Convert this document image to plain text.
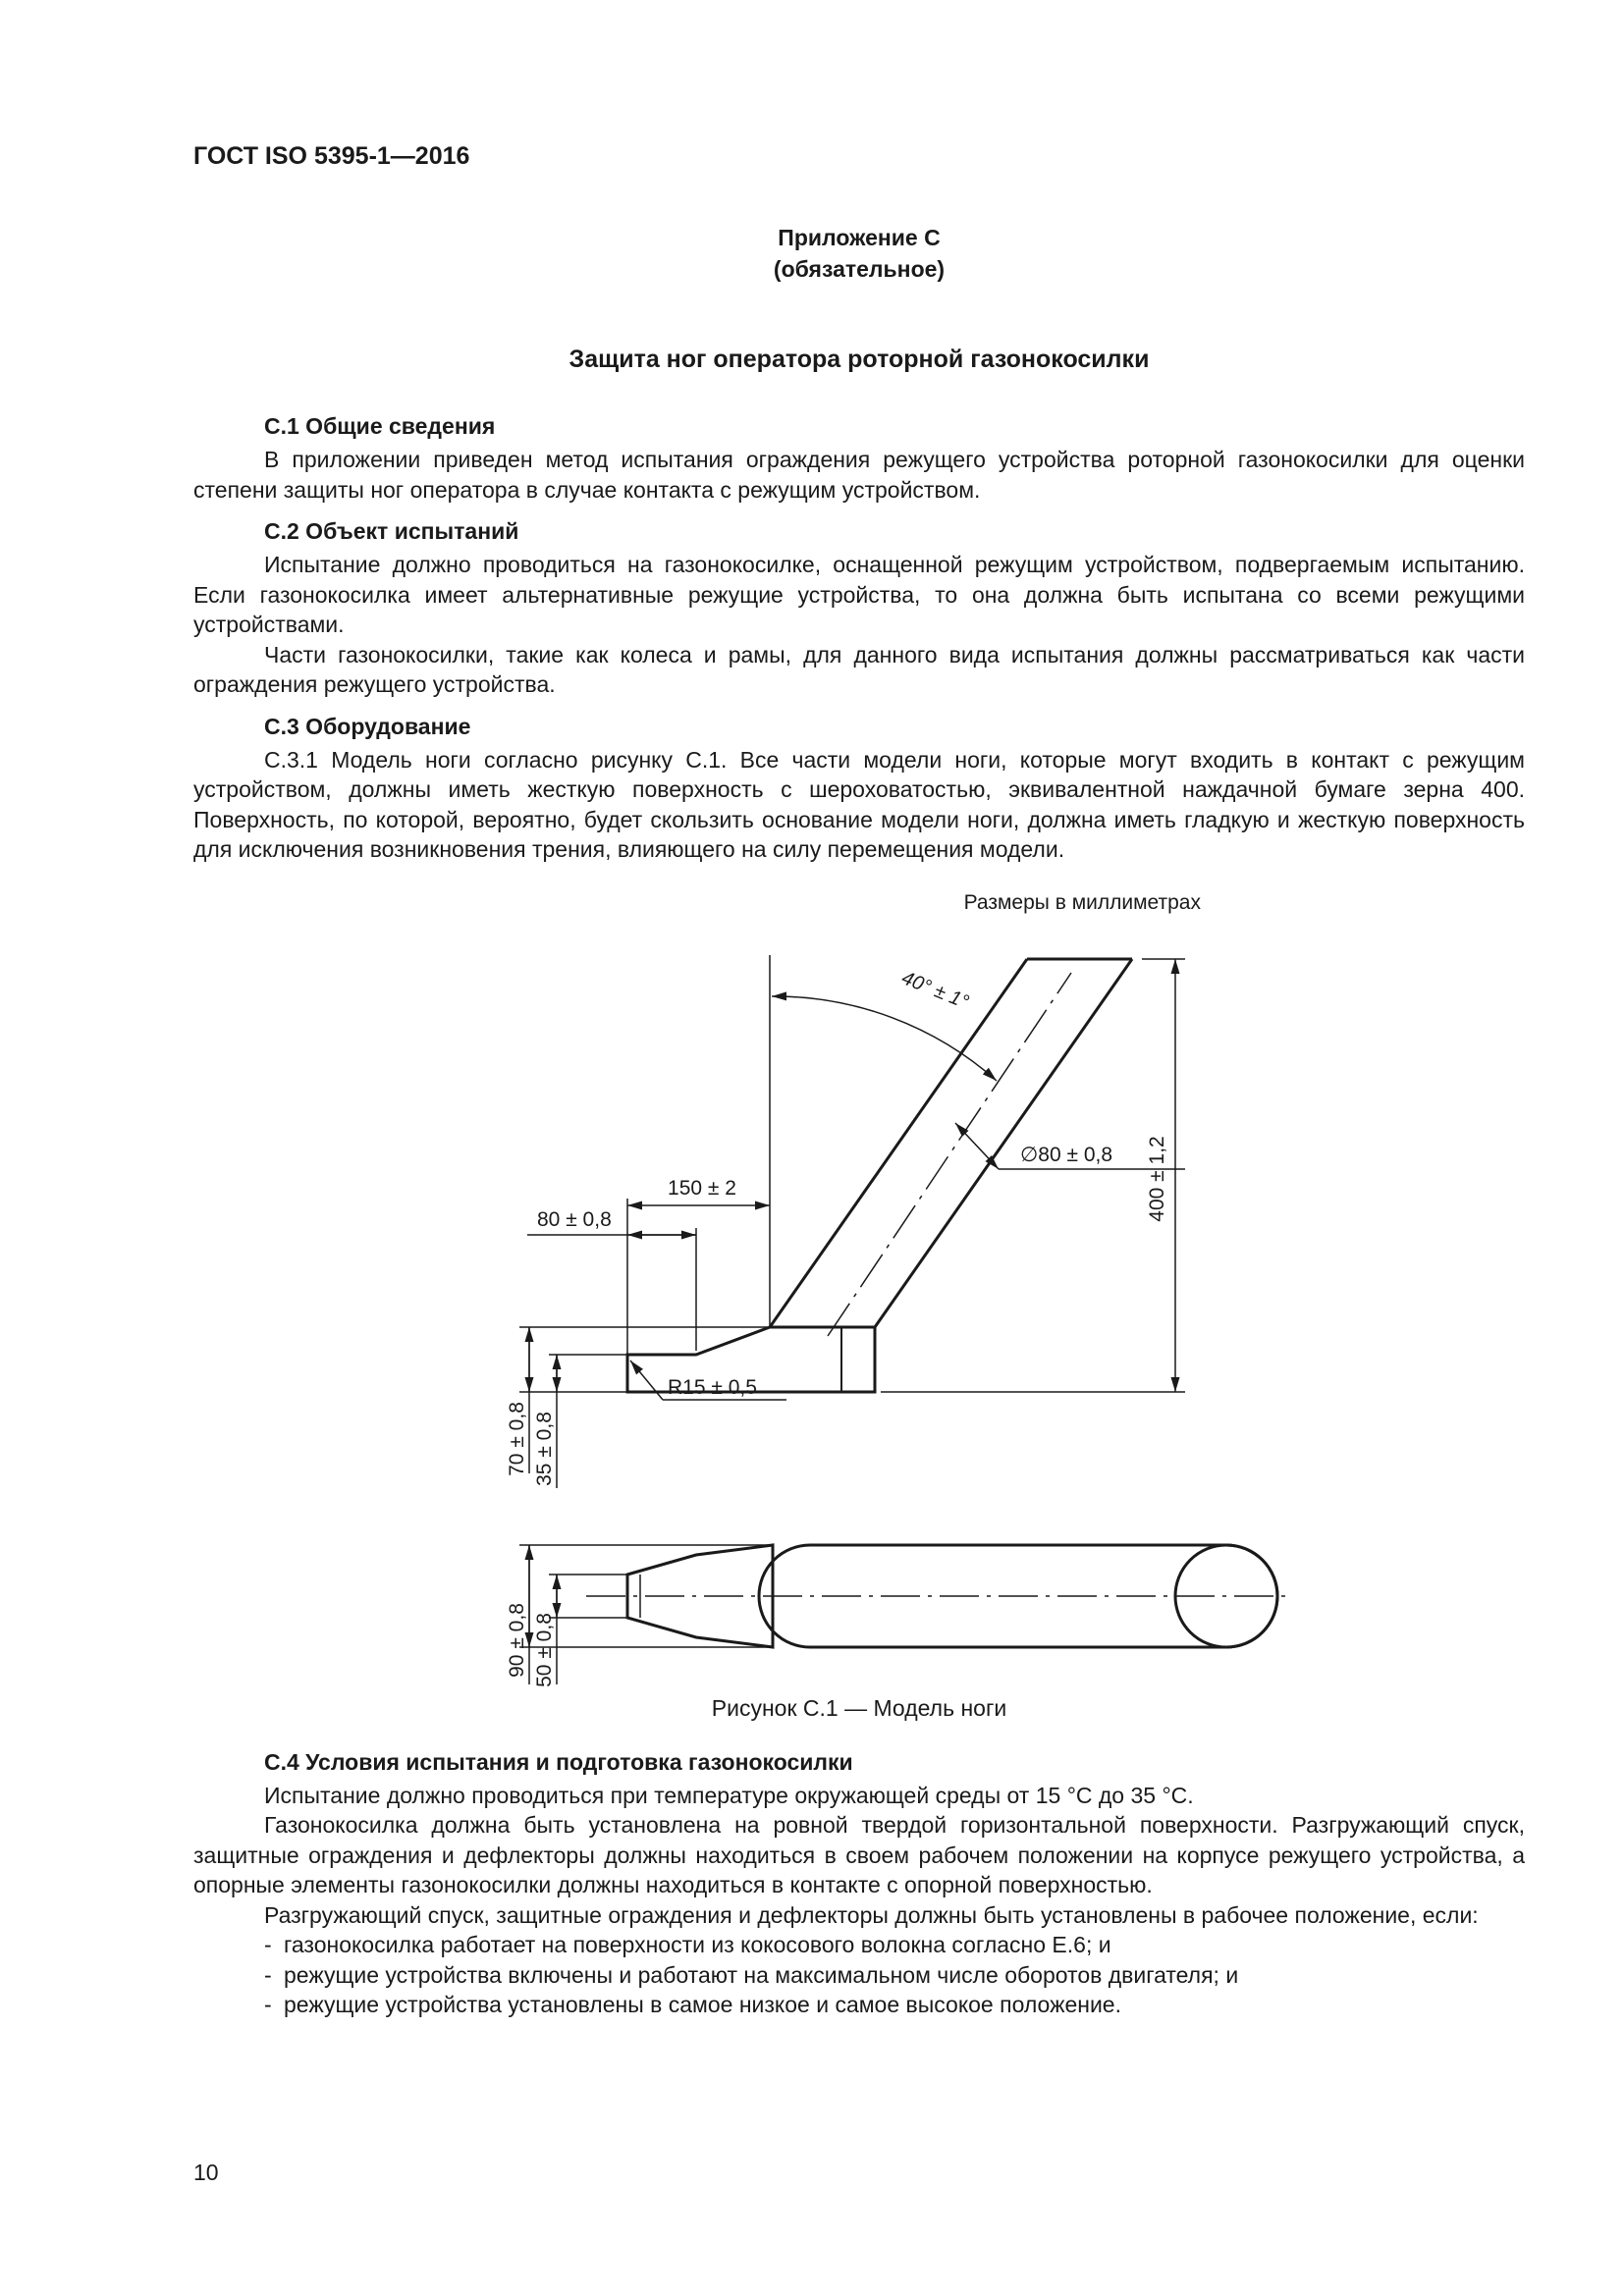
ГОСТ ISO 5395-1—2016
Приложение С
(обязательное)
Защита ног оператора роторной газонокосилки
С.1 Общие сведения

В приложении приведен метод испытания ограждения режущего устройства роторной газонокосилки для оценки степени защиты ног оператора в случае контакта с режущим устройством.

С.2 Объект испытаний

Испытание должно проводиться на газонокосилке, оснащенной режущим устройством, подвергаемым испытанию. Если газонокосилка имеет альтернативные режущие устройства, то она должна быть испытана со всеми режущими устройствами.

Части газонокосилки, такие как колеса и рамы, для данного вида испытания должны рассматриваться как части ограждения режущего устройства.

С.3 Оборудование

С.3.1 Модель ноги согласно рисунку С.1. Все части модели ноги, которые могут входить в контакт с режущим устройством, должны иметь жесткую поверхность с шероховатостью, эквивалентной наждачной бумаге зерна 400. Поверхность, по которой, вероятно, будет скользить основание модели ноги, должна иметь гладкую и жесткую поверхность для исключения возникновения трения, влияющего на силу перемещения модели.

Размеры в миллиметрах
40° ± 1°
∅80 ± 0,8 400 ± 1,2
150 ± 2
80 ± 0,8
R15 ± 0,5
70 ± 0,8 35 ± 0,8
90 ± 0,8 50 ± 0,8
Рисунок С.1 — Модель ноги
С.4 Условия испытания и подготовка газонокосилки

Испытание должно проводиться при температуре окружающей среды от 15 °С до 35 °С.

Газонокосилка должна быть установлена на ровной твердой горизонтальной поверхности. Разгружающий спуск, защитные ограждения и дефлекторы должны находиться в своем рабочем положении на корпусе режущего устройства, а опорные элементы газонокосилки должны находиться в контакте с опорной поверхностью.

Разгружающий спуск, защитные ограждения и дефлекторы должны быть установлены в рабочее положение, если:

- газонокосилка работает на поверхности из кокосового волокна согласно Е.6; и
- режущие устройства включены и работают на максимальном числе оборотов двигателя; и
- режущие устройства установлены в самое низкое и самое высокое положение.
10
